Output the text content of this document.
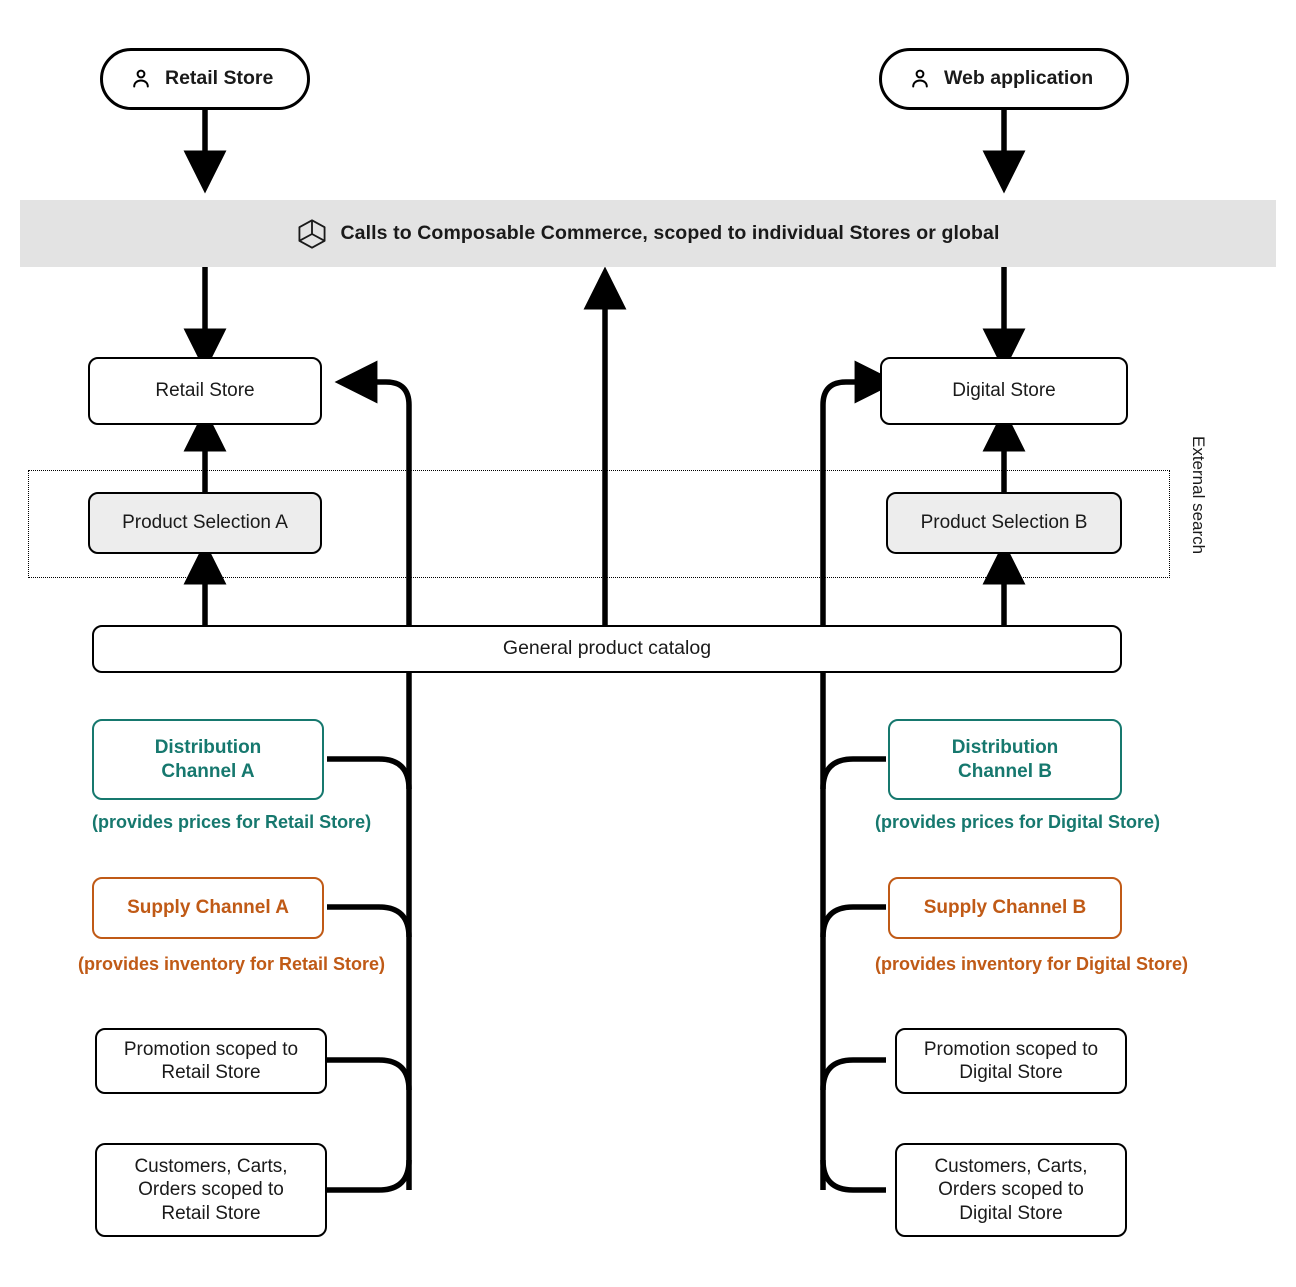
Retail Store	Web application
Calls to Composable Commerce, scoped to individual Stores or global
Retail Store	Digital Store
External search
Product Selection A	Product Selection B
General product catalog
Distribution
Channel A
(provides prices for Retail Store)
Distribution
Channel B
(provides prices for Digital Store)
Supply Channel A
(provides inventory for Retail Store)
Supply Channel B
(provides inventory for Digital Store)
Promotion scoped to
Retail Store
Promotion scoped to
Digital Store
Customers, Carts,
Orders scoped to
Retail Store
Customers, Carts,
Orders scoped to
Digital Store
